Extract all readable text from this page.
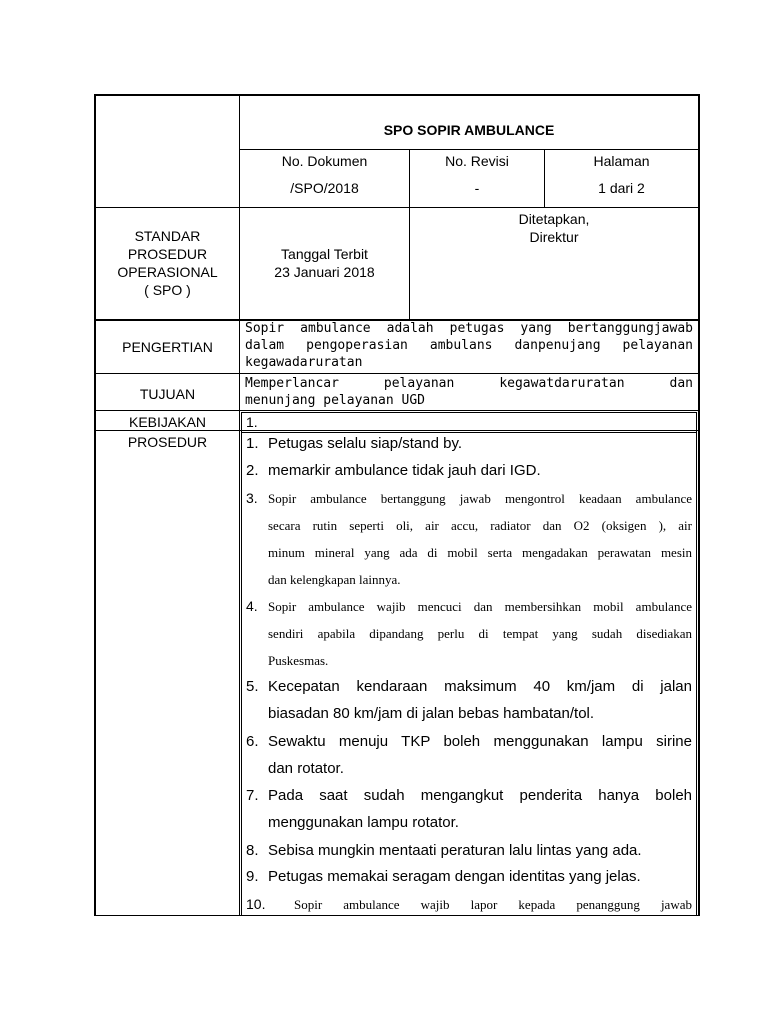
SPO SOPIR AMBULANCE
No. Dokumen
/SPO/2018
No. Revisi
-
Halaman
1 dari 2
STANDAR
PROSEDUR
OPERASIONAL
( SPO )
Tanggal Terbit
23 Januari 2018
Ditetapkan,
Direktur
PENGERTIAN
Sopir ambulance adalah petugas yang bertanggungjawab
dalam pengoperasian ambulans danpenujang pelayanan
kegawadaruratan
TUJUAN
Memperlancar pelayanan kegawatdaruratan dan
menunjang pelayanan UGD
KEBIJAKAN	1.
PROSEDUR	1. Petugas selalu siap/stand by.
2. memarkir ambulance tidak jauh dari IGD.
3. Sopir ambulance bertanggung jawab mengontrol keadaan ambulance
secara rutin seperti oli, air accu, radiator dan O2 (oksigen ), air
minum mineral yang ada di mobil serta mengadakan perawatan mesin
dan kelengkapan lainnya.
4. Sopir ambulance wajib mencuci dan membersihkan mobil ambulance
sendiri apabila dipandang perlu di tempat yang sudah disediakan
Puskesmas.
5. Kecepatan kendaraan maksimum 40 km/jam di jalan
biasadan 80 km/jam di jalan bebas hambatan/tol.
6. Sewaktu menuju TKP boleh menggunakan lampu sirine
dan rotator.
7. Pada saat sudah mengangkut penderita hanya boleh
menggunakan lampu rotator.
8. Sebisa mungkin mentaati peraturan lalu lintas yang ada.
9. Petugas memakai seragam dengan identitas yang jelas.
10. Sopir ambulance wajib lapor kepada penanggung jawab
